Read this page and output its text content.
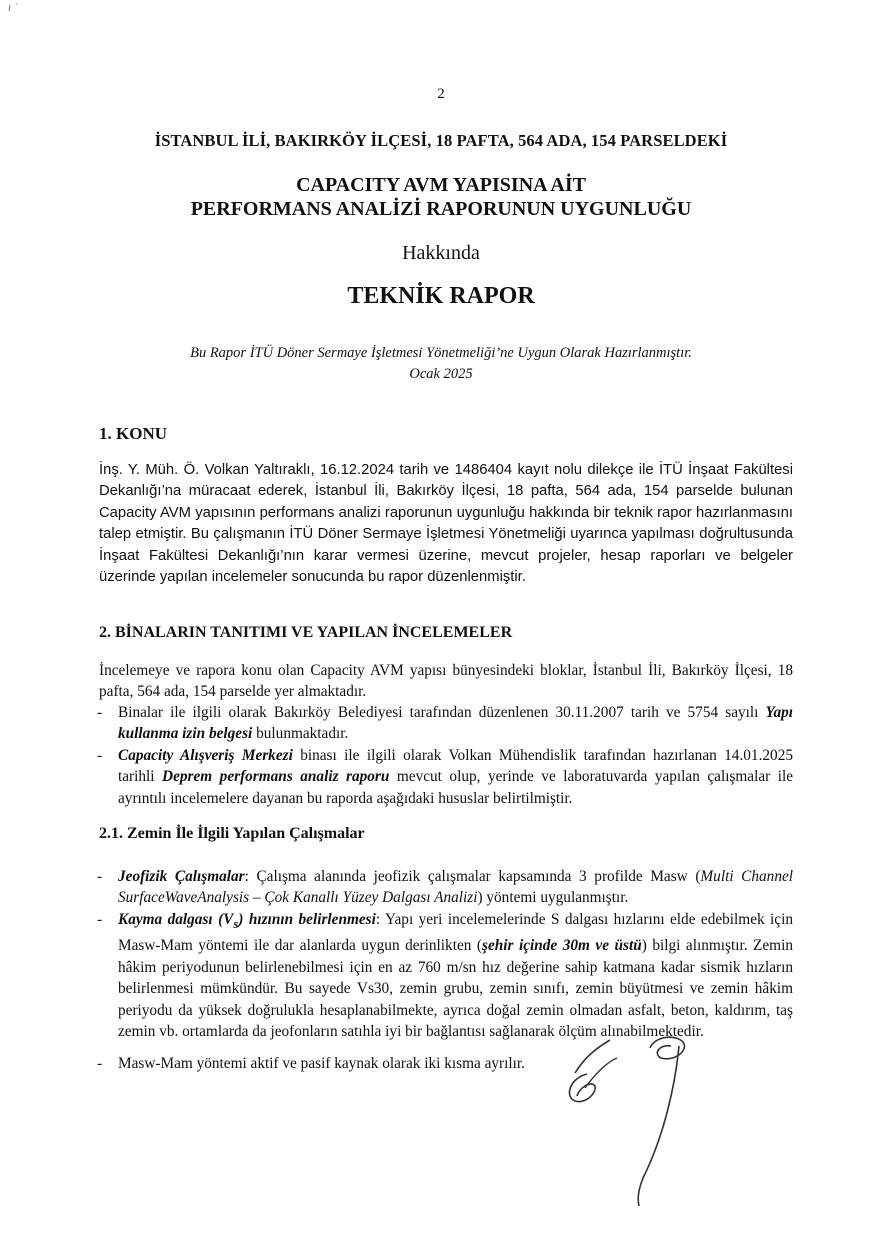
2
İSTANBUL İLİ, BAKIRKÖY İLÇESİ, 18 PAFTA, 564 ADA, 154 PARSELDEKİ
CAPACITY AVM YAPISINA AİT
PERFORMANS ANALİZİ RAPORUNUN UYGUNLUĞU
Hakkında
TEKNİK RAPOR
Bu Rapor İTÜ Döner Sermaye İşletmesi Yönetmeliği’ne Uygun Olarak Hazırlanmıştır.
Ocak 2025
1. KONU

İnş. Y. Müh. Ö. Volkan Yaltıraklı, 16.12.2024 tarih ve 1486404 kayıt nolu dilekçe ile İTÜ İnşaat Fakültesi Dekanlığı’na müracaat ederek, İstanbul İli, Bakırköy İlçesi, 18 pafta, 564 ada, 154 parselde bulunan Capacity AVM yapısının performans analizi raporunun uygunluğu hakkında bir teknik rapor hazırlanmasını talep etmiştir. Bu çalışmanın İTÜ Döner Sermaye İşletmesi Yönetmeliği uyarınca yapılması doğrultusunda İnşaat Fakültesi Dekanlığı’nın karar vermesi üzerine, mevcut projeler, hesap raporları ve belgeler üzerinde yapılan incelemeler sonucunda bu rapor düzenlenmiştir.

2. BİNALARIN TANITIMI VE YAPILAN İNCELEMELER

İncelemeye ve rapora konu olan Capacity AVM yapısı bünyesindeki bloklar, İstanbul İli, Bakırköy İlçesi, 18 pafta, 564 ada, 154 parselde yer almaktadır.

- Binalar ile ilgili olarak Bakırköy Belediyesi tarafından düzenlenen 30.11.2007 tarih ve 5754 sayılı Yapı kullanma izin belgesi bulunmaktadır.
- Capacity Alışveriş Merkezi binası ile ilgili olarak Volkan Mühendislik tarafından hazırlanan 14.01.2025 tarihli Deprem performans analiz raporu mevcut olup, yerinde ve laboratuvarda yapılan çalışmalar ile ayrıntılı incelemelere dayanan bu raporda aşağıdaki hususlar belirtilmiştir.
2.1. Zemin İle İlgili Yapılan Çalışmalar
- Jeofizik Çalışmalar: Çalışma alanında jeofizik çalışmalar kapsamında 3 profilde Masw (Multi Channel SurfaceWaveAnalysis – Çok Kanallı Yüzey Dalgası Analizi) yöntemi uygulanmıştır.
- Kayma dalgası $(V_s)$ hızının belirlenmesi: Yapı yeri incelemelerinde S dalgası hızlarını elde edebilmek için Masw-Mam yöntemi ile dar alanlarda uygun derinlikten (şehir içinde 30m ve üstü) bilgi alınmıştır. Zemin hâkim periyodunun belirlenebilmesi için en az 760 m/sn hız değerine sahip katmana kadar sismik hızların belirlenmesi mümkündür. Bu sayede Vs30, zemin grubu, zemin sınıfı, zemin büyütmesi ve zemin hâkim periyodu da yüksek doğrulukla hesaplanabilmekte, ayrıca doğal zemin olmadan asfalt, beton, kaldırım, taş zemin vb. ortamlarda da jeofonların satıhla iyi bir bağlantısı sağlanarak ölçüm alınabilmektedir.
- Masw-Mam yöntemi aktif ve pasif kaynak olarak iki kısma ayrılır.
